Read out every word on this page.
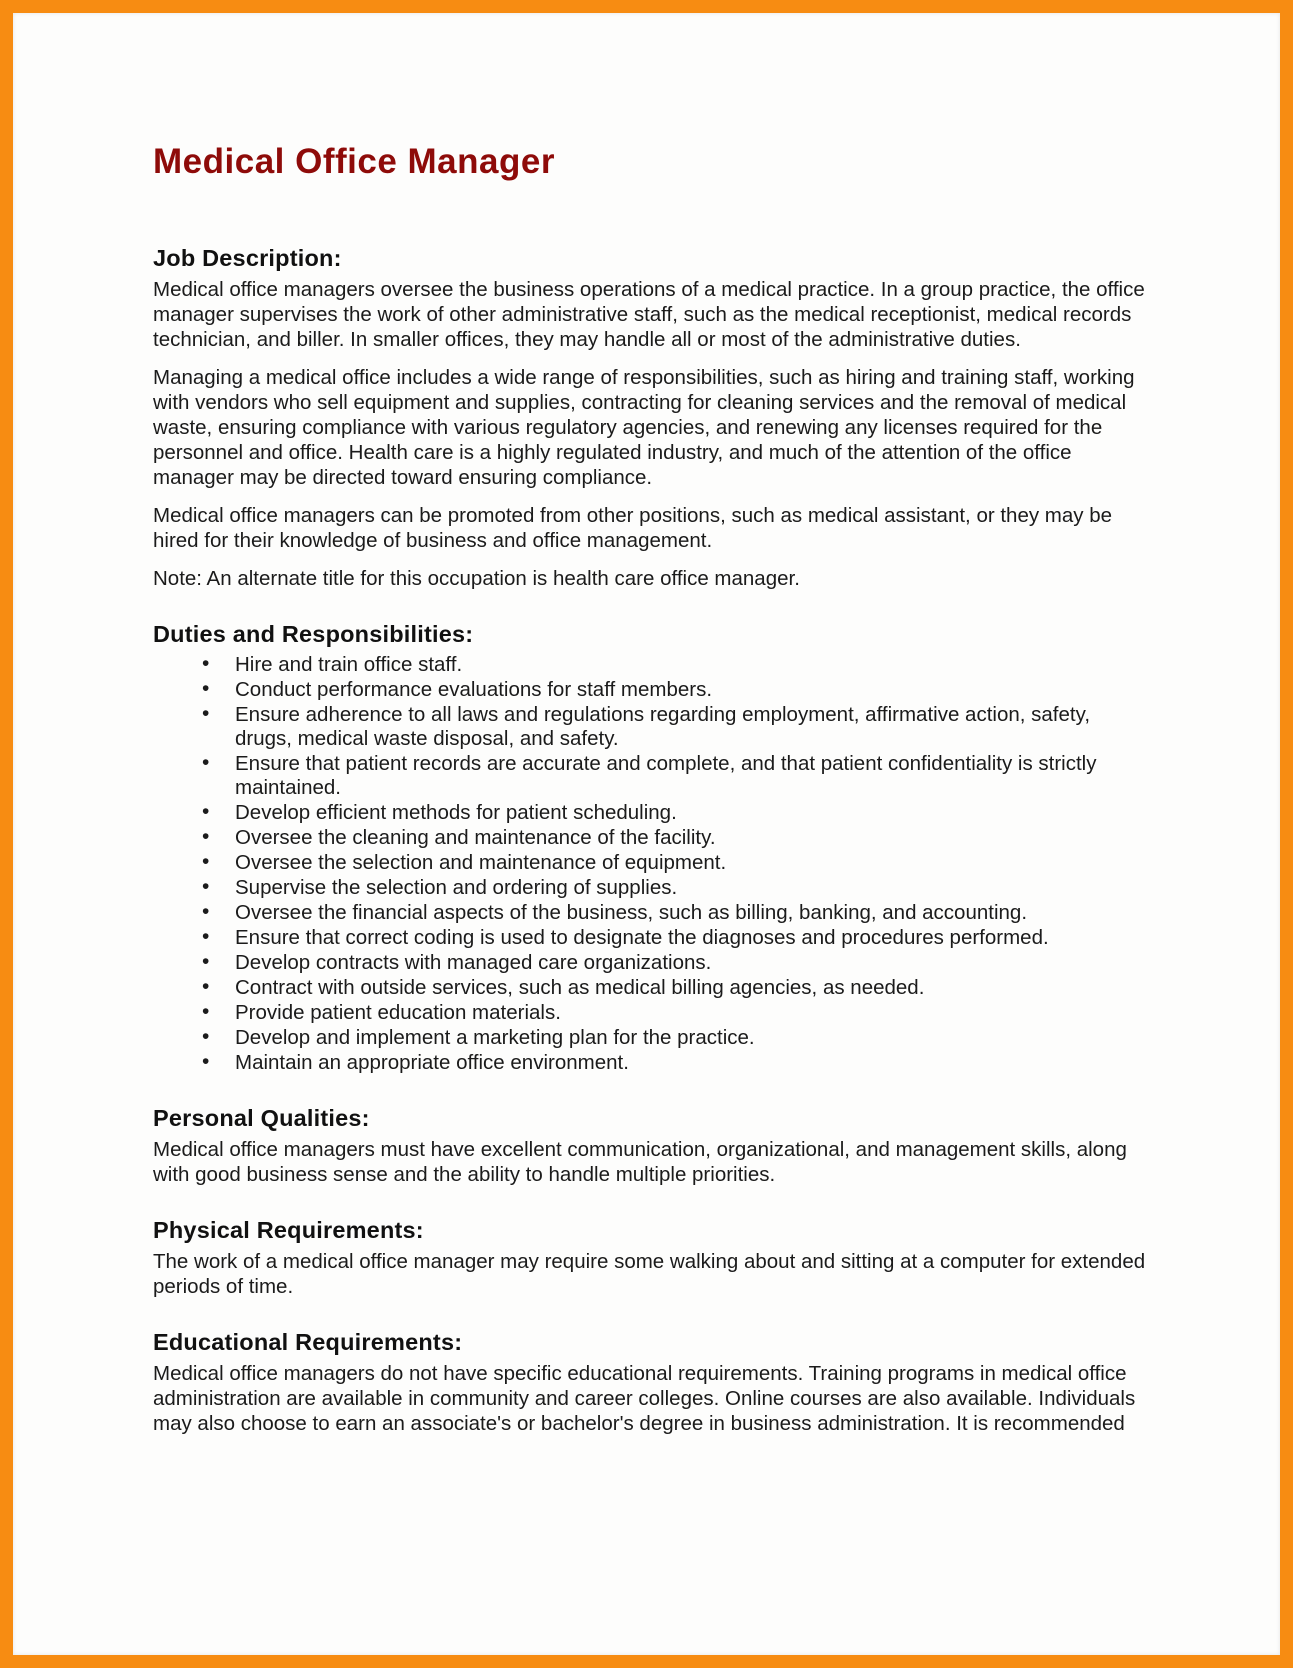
Medical Office Manager
Job Description:

Medical office managers oversee the business operations of a medical practice. In a group practice, the office manager supervises the work of other administrative staff, such as the medical receptionist, medical records technician, and biller. In smaller offices, they may handle all or most of the administrative duties.

Managing a medical office includes a wide range of responsibilities, such as hiring and training staff, working with vendors who sell equipment and supplies, contracting for cleaning services and the removal of medical waste, ensuring compliance with various regulatory agencies, and renewing any licenses required for the personnel and office. Health care is a highly regulated industry, and much of the attention of the office manager may be directed toward ensuring compliance.

Medical office managers can be promoted from other positions, such as medical assistant, or they may be hired for their knowledge of business and office management.

Note: An alternate title for this occupation is health care office manager.

Duties and Responsibilities:
• Hire and train office staff.
• Conduct performance evaluations for staff members.
• Ensure adherence to all laws and regulations regarding employment, affirmative action, safety, drugs, medical waste disposal, and safety.
• Ensure that patient records are accurate and complete, and that patient confidentiality is strictly maintained.
• Develop efficient methods for patient scheduling.
• Oversee the cleaning and maintenance of the facility.
• Oversee the selection and maintenance of equipment.
• Supervise the selection and ordering of supplies.
• Oversee the financial aspects of the business, such as billing, banking, and accounting.
• Ensure that correct coding is used to designate the diagnoses and procedures performed.
• Develop contracts with managed care organizations.
• Contract with outside services, such as medical billing agencies, as needed.
• Provide patient education materials.
• Develop and implement a marketing plan for the practice.
• Maintain an appropriate office environment.
Personal Qualities:

Medical office managers must have excellent communication, organizational, and management skills, along with good business sense and the ability to handle multiple priorities.

Physical Requirements:

The work of a medical office manager may require some walking about and sitting at a computer for extended periods of time.

Educational Requirements:

Medical office managers do not have specific educational requirements. Training programs in medical office administration are available in community and career colleges. Online courses are also available. Individuals may also choose to earn an associate's or bachelor's degree in business administration. It is recommended
